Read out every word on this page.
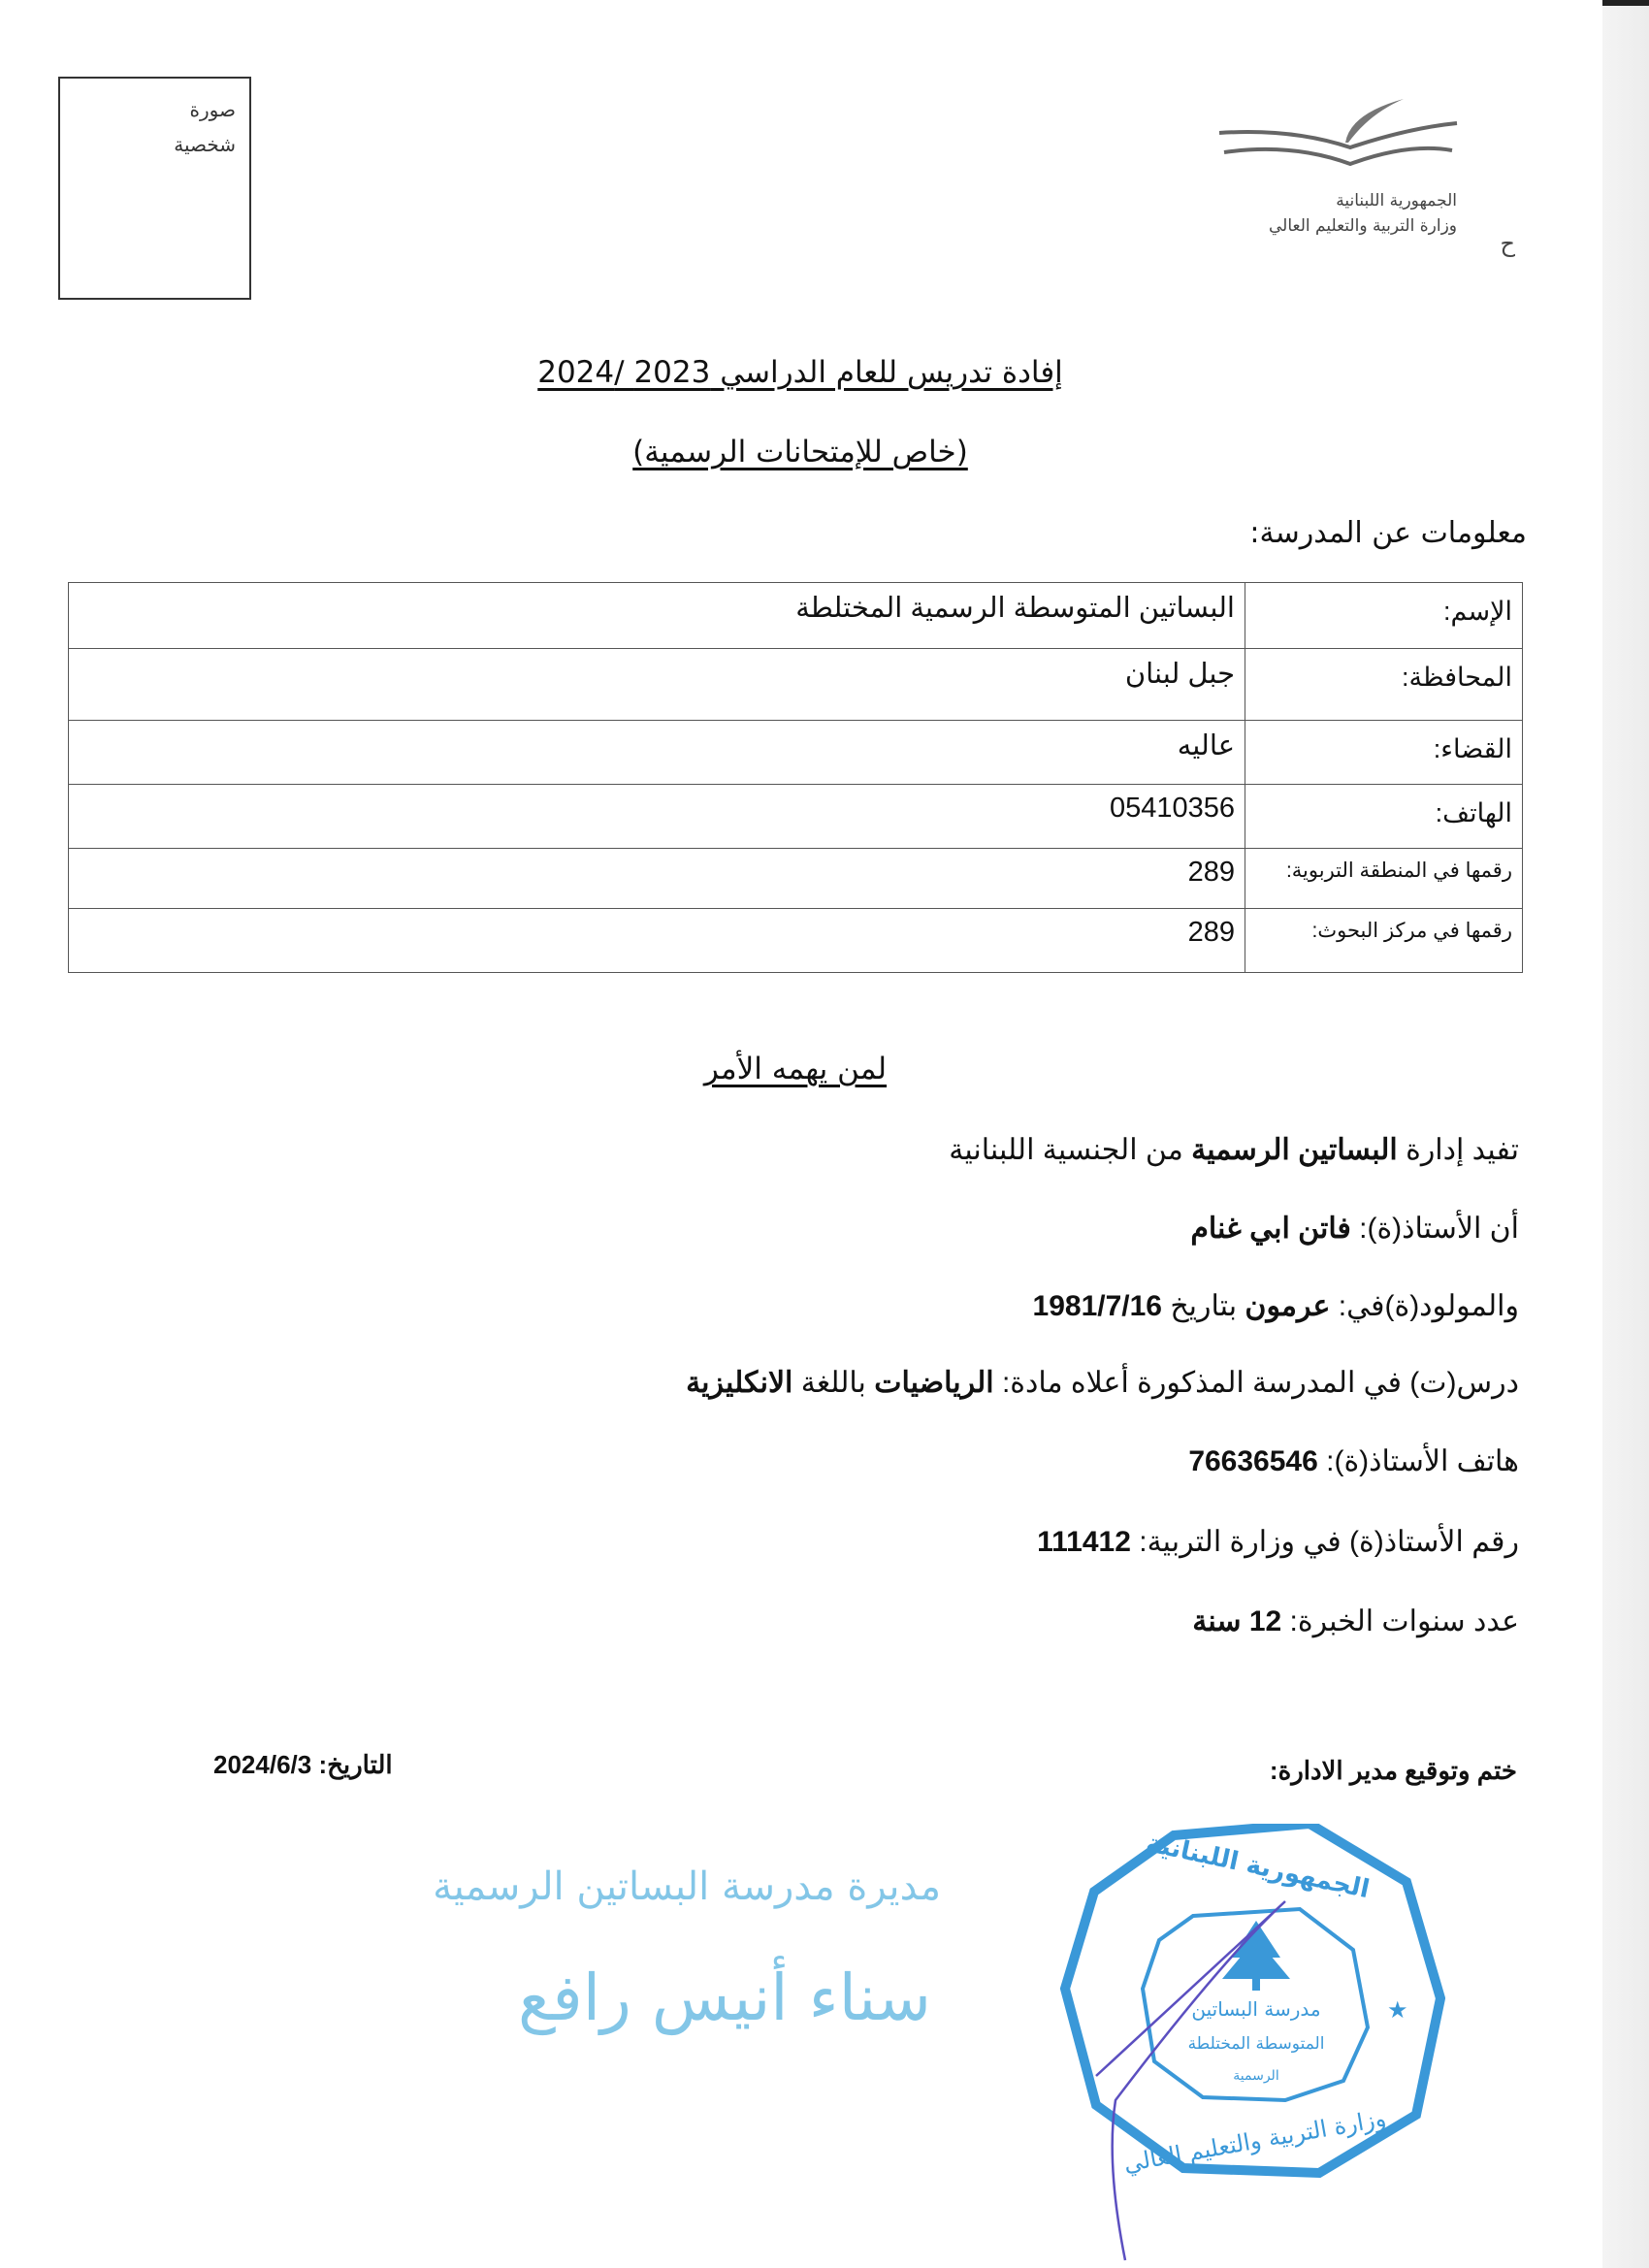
صورة
شخصية
الجمهورية اللبنانية
وزارة التربية والتعليم العالي
ح
إفادة تدريس للعام الدراسي 2023 /2024
(خاص للإمتحانات الرسمية)
معلومات عن المدرسة:
الإسم:	البساتين المتوسطة الرسمية المختلطة
المحافظة:	جبل لبنان
القضاء:	عاليه
الهاتف:	05410356
رقمها في المنطقة التربوية:	289
رقمها في مركز البحوث:	289
لمن يهمه الأمر
تفيد إدارة البساتين الرسمية من الجنسية اللبنانية
أن الأستاذ(ة): فاتن ابي غنام
والمولود(ة)في: عرمون بتاريخ 1981/7/16
درس(ت) في المدرسة المذكورة أعلاه مادة: الرياضيات باللغة الانكليزية
هاتف الأستاذ(ة): 76636546
رقم الأستاذ(ة) في وزارة التربية: 111412
عدد سنوات الخبرة: 12 سنة
ختم وتوقيع مدير الادارة:
التاريخ: 2024/6/3
مديرة مدرسة البساتين الرسمية
سناء أنيس رافع	مدرسة البساتين
المتوسطة المختلطة
الرسمية
الجمهورية اللبنانية
وزارة التربية والتعليم العالي
★
